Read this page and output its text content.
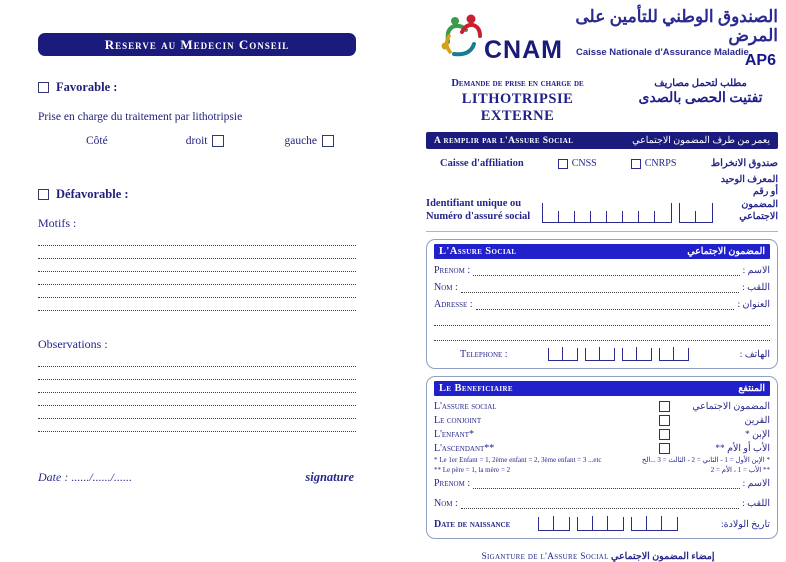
Reserve au Medecin Conseil
Favorable :
Prise en charge du traitement par lithotripsie
Côté	droit	gauche
Défavorable :
Motifs :
Observations :
Date : ....../....../......	signature
CNAM
الصندوق الوطني للتأمين على المرض
Caisse Nationale d'Assurance Maladie
AP6
Demande de prise en charge de
LITHOTRIPSIE EXTERNE
مطلب لتحمل مصاريف
تفتيت الحصى بالصدى
A remplir par l'Assure Social	يعمر من طرف المضمون الاجتماعي
Caisse d'affiliation	CNSS	CNRPS	صندوق الانخراط
Identifiant unique ou
Numéro d'assuré social
المعرف الوحيد أو رقم
المضمون الاجتماعي
L'Assure Social	المضمون الاجتماعي
Prenom :	الاسم :
Nom :	اللقب :
Adresse :	العنوان :
Telephone :	الهاتف :
Le Beneficiaire	المنتفع
L'assure social	المضمون الاجتماعي
Le conjoint	القرين
L'enfant*	الإبن *
L'ascendant**	الأب أو الأم **
* Le 1er Enfant = 1, 2ème enfant = 2, 3ème enfant = 3 ...etc
** Le père = 1, la mère = 2
* الإبن الأول = 1 - الثاني = 2 - الثالث = 3 ...الخ
** الأب = 1 ، الأم = 2
Prenom :	الاسم :
Nom :	اللقب :
Date de naissance	تاريخ الولادة:
Siganture de l'Assure Social إمضاء المضمون الاجتماعي
